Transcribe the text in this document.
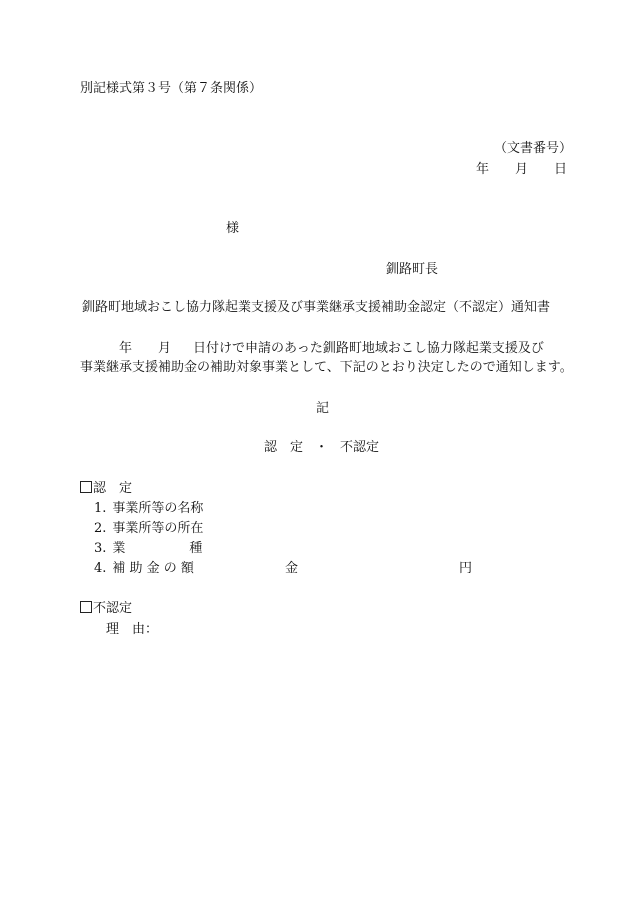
別記様式第３号（第７条関係）
（文書番号）
年 月 日
様
釧路町長
釧路町地域おこし協力隊起業支援及び事業継承支援補助金認定（不認定）通知書
年 月 日付けで申請のあった釧路町地域おこし協力隊起業支援及び
事業継承支援補助金の補助対象事業として、下記のとおり決定したので通知します。
記
認　定 ・ 不認定
認　定
1. 事業所等の名称
2. 事業所等の所在
3. 業	種
4. 補 助 金 の 額	金	円
不認定
理　由：
